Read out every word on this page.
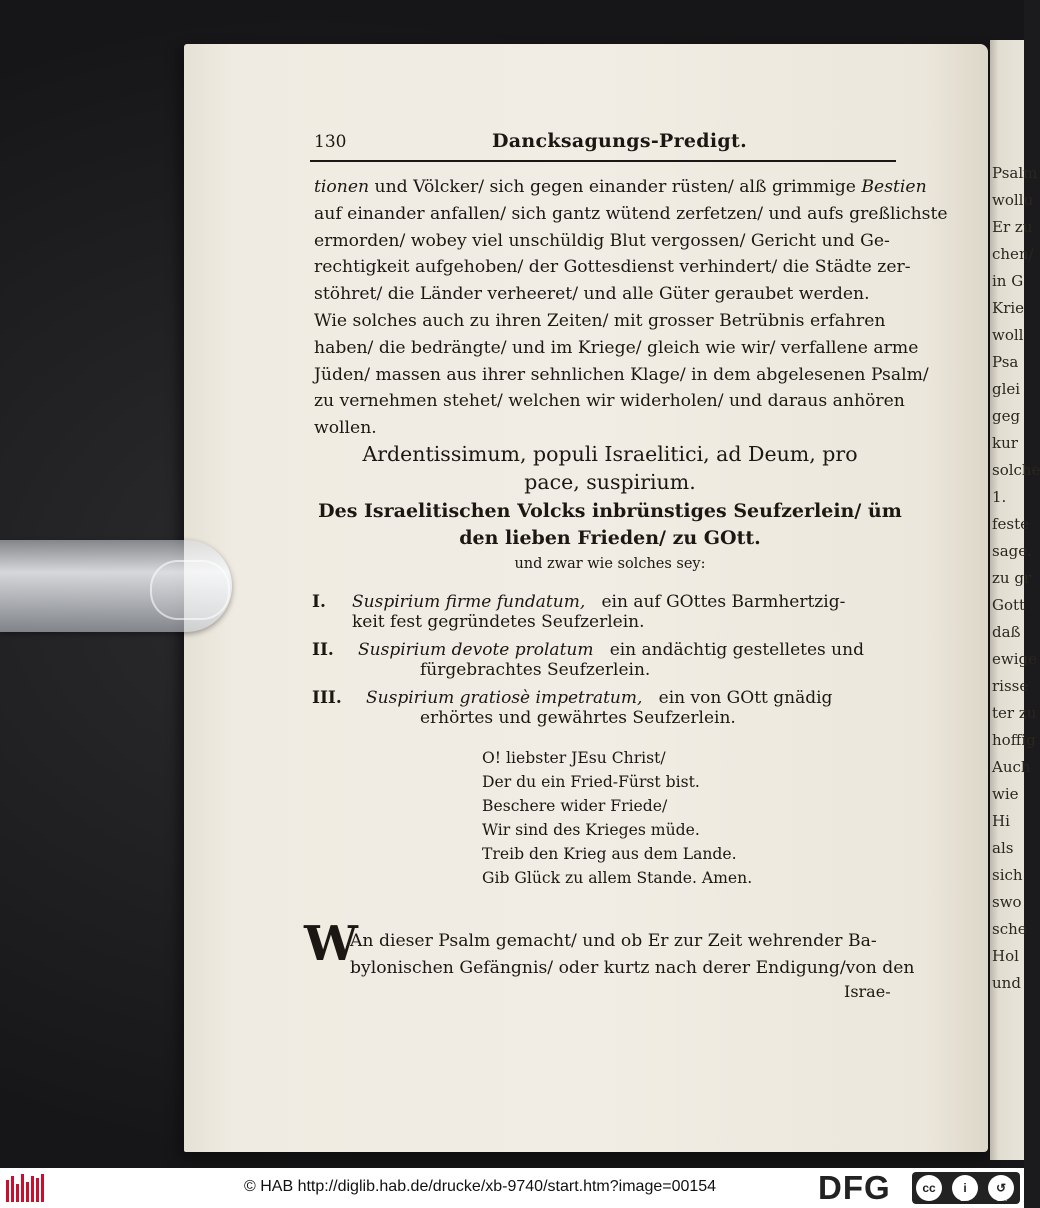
Psalm
wollu
Er zu
chen/
in G
Krie
woll
Psa
glei
geg
kur
solche
1.
feste
sage.
zu gr
Gott
daß
ewige
risse
ter zu
hoffig
Auch
wie
Hi
als
sich
swo
sche
Hol
und
130	Dancksagungs-Predigt.
tionen und Völcker/ sich gegen einander rüsten/ alß grimmige Bestien
auf einander anfallen/ sich gantz wütend zerfetzen/ und aufs greßlichste
ermorden/ wobey viel unschüldig Blut vergossen/ Gericht und Ge-
rechtigkeit aufgehoben/ der Gottesdienst verhindert/ die Städte zer-
stöhret/ die Länder verheeret/ und alle Güter geraubet werden.
Wie solches auch zu ihren Zeiten/ mit grosser Betrübnis erfahren
haben/ die bedrängte/ und im Kriege/ gleich wie wir/ verfallene arme
Jüden/ massen aus ihrer sehnlichen Klage/ in dem abgelesenen Psalm/
zu vernehmen stehet/ welchen wir widerholen/ und daraus anhören
wollen.
Ardentissimum, populi Israelitici, ad Deum, pro
pace, suspirium.
Des Israelitischen Volcks inbrünstiges Seufzerlein/ üm
den lieben Frieden/ zu GOtt.
und zwar wie solches sey:
I. Suspirium firme fundatum, ein auf GOttes Barmhertzig-
keit fest gegründetes Seufzerlein.
II. Suspirium devote prolatum ein andächtig gestelletes und
fürgebrachtes Seufzerlein.
III. Suspirium gratiosè impetratum, ein von GOtt gnädig
erhörtes und gewährtes Seufzerlein.
O! liebster JEsu Christ/
Der du ein Fried-Fürst bist.
Beschere wider Friede/
Wir sind des Krieges müde.
Treib den Krieg aus dem Lande.
Gib Glück zu allem Stande. Amen.
W
An dieser Psalm gemacht/ und ob Er zur Zeit wehrender Ba-
bylonischen Gefängnis/ oder kurtz nach derer Endigung/von den
Israe-
© HAB http://diglib.hab.de/drucke/xb-9740/start.htm?image=00154	DFG	cc	i	↺
BY	SA
